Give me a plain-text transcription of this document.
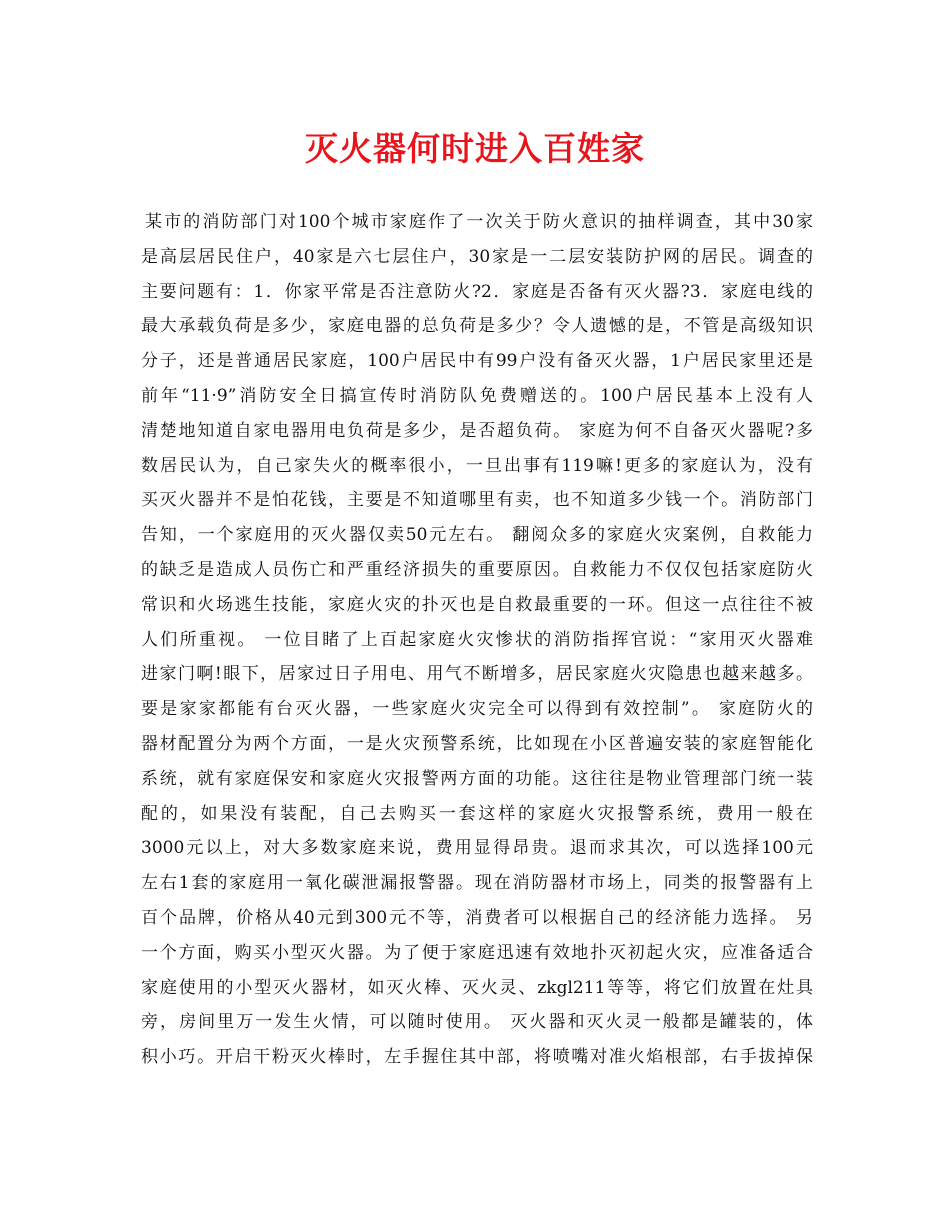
灭火器何时进入百姓家
某市的消防部门对100个城市家庭作了一次关于防火意识的抽样调查，其中30家
是高层居民住户，40家是六七层住户，30家是一二层安装防护网的居民。调查的
主要问题有：1．你家平常是否注意防火?2．家庭是否备有灭火器?3．家庭电线的
最大承载负荷是多少，家庭电器的总负荷是多少？令人遗憾的是，不管是高级知识
分子，还是普通居民家庭，100户居民中有99户没有备灭火器，1户居民家里还是
前年“11·9”消防安全日搞宣传时消防队免费赠送的。100户居民基本上没有人
清楚地知道自家电器用电负荷是多少，是否超负荷。 家庭为何不自备灭火器呢?多
数居民认为，自己家失火的概率很小，一旦出事有119嘛!更多的家庭认为，没有
买灭火器并不是怕花钱，主要是不知道哪里有卖，也不知道多少钱一个。消防部门
告知，一个家庭用的灭火器仅卖50元左右。 翻阅众多的家庭火灾案例，自救能力
的缺乏是造成人员伤亡和严重经济损失的重要原因。自救能力不仅仅包括家庭防火
常识和火场逃生技能，家庭火灾的扑灭也是自救最重要的一环。但这一点往往不被
人们所重视。 一位目睹了上百起家庭火灾惨状的消防指挥官说：“家用灭火器难
进家门啊!眼下，居家过日子用电、用气不断增多，居民家庭火灾隐患也越来越多。
要是家家都能有台灭火器，一些家庭火灾完全可以得到有效控制”。 家庭防火的
器材配置分为两个方面，一是火灾预警系统，比如现在小区普遍安装的家庭智能化
系统，就有家庭保安和家庭火灾报警两方面的功能。这往往是物业管理部门统一装
配的，如果没有装配，自己去购买一套这样的家庭火灾报警系统，费用一般在
3000元以上，对大多数家庭来说，费用显得昂贵。退而求其次，可以选择100元
左右1套的家庭用一氧化碳泄漏报警器。现在消防器材市场上，同类的报警器有上
百个品牌，价格从40元到300元不等，消费者可以根据自己的经济能力选择。 另
一个方面，购买小型灭火器。为了便于家庭迅速有效地扑灭初起火灾，应准备适合
家庭使用的小型灭火器材，如灭火棒、灭火灵、zkgl211等等，将它们放置在灶具
旁，房间里万一发生火情，可以随时使用。 灭火器和灭火灵一般都是罐装的，体
积小巧。开启干粉灭火棒时，左手握住其中部，将喷嘴对准火焰根部，右手拔掉保
